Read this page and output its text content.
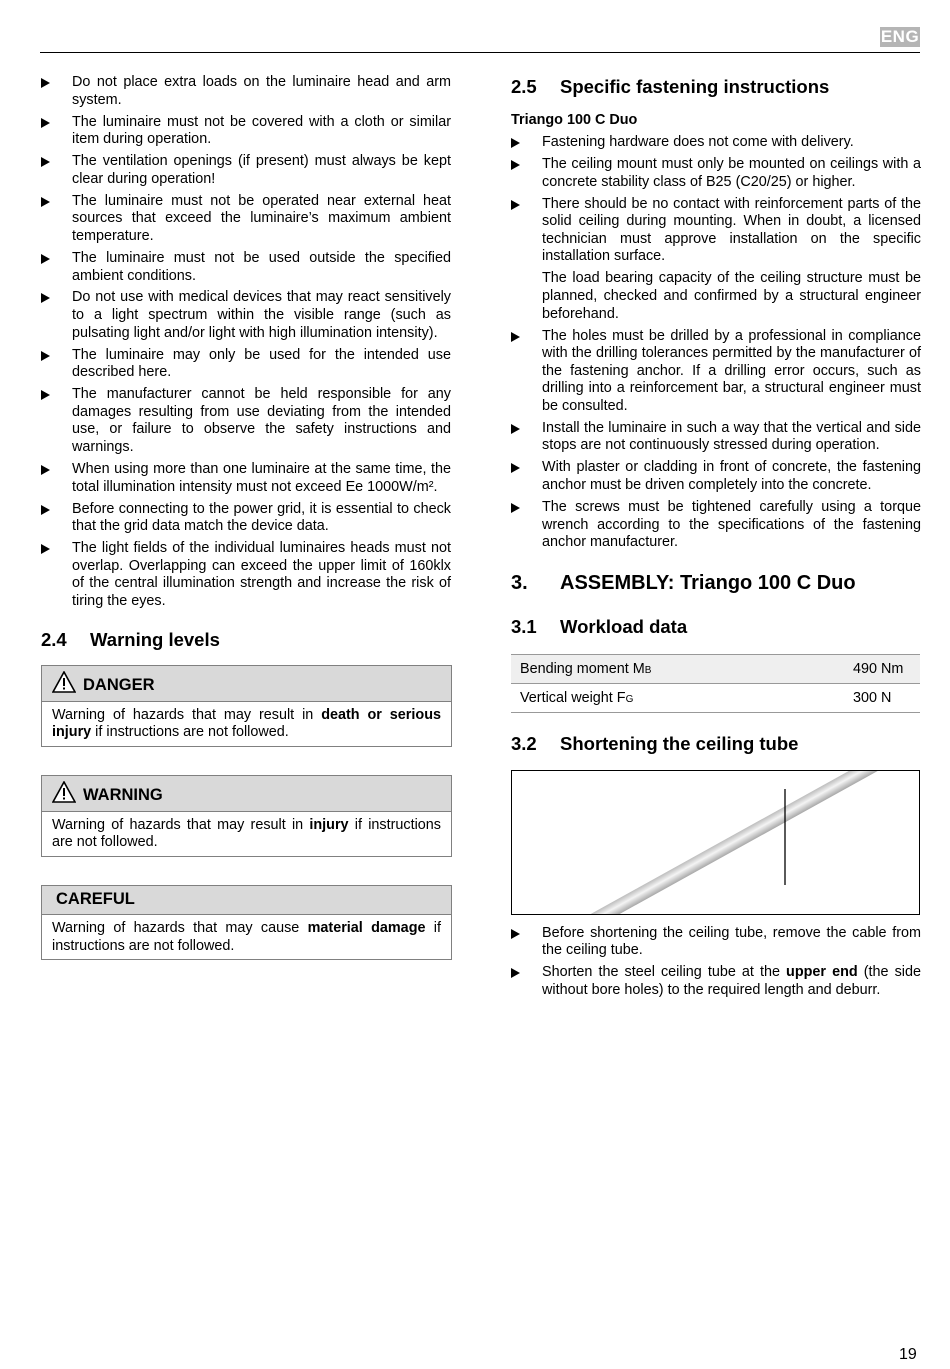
ENG
Do not place extra loads on the luminaire head and arm system.
The luminaire must not be covered with a cloth or similar item during operation.
The ventilation openings (if present) must always be kept clear during operation!
The luminaire must not be operated near external heat sources that exceed the luminaire’s maximum ambient temperature.
The luminaire must not be used outside the specified ambient conditions.
Do not use with medical devices that may react sensitively to a light spectrum within the visible range (such as pulsating light and/or light with high illumination intensity).
The luminaire may only be used for the intended use described here.
The manufacturer cannot be held responsible for any damages resulting from use deviating from the intended use, or failure to observe the safety instructions and warnings.
When using more than one luminaire at the same time, the total illumination intensity must not exceed Ee 1000W/m².
Before connecting to the power grid, it is essential to check that the grid data match the device data.
The light fields of the individual luminaires heads must not overlap. Overlapping can exceed the upper limit of 160klx of the central illumination strength and increase the risk of tiring the eyes.
2.4 Warning levels
DANGER
Warning of hazards that may result in death or serious injury if instructions are not followed.
WARNING
Warning of hazards that may result in injury if instructions are not followed.
CAREFUL
Warning of hazards that may cause material damage if instructions are not followed.
2.5 Specific fastening instructions
Triango 100 C Duo
Fastening hardware does not come with delivery.
The ceiling mount must only be mounted on ceilings with a concrete stability class of B25 (C20/25) or higher.
There should be no contact with reinforcement parts of the solid ceiling during mounting. When in doubt, a licensed technician must approve installation on the specific installation surface.
The load bearing capacity of the ceiling structure must be planned, checked and confirmed by a structural engineer beforehand.
The holes must be drilled by a professional in compliance with the drilling tolerances permitted by the manufacturer of the fastening anchor. If a drilling error occurs, such as drilling into a reinforcement bar, a structural engineer must be consulted.
Install the luminaire in such a way that the vertical and side stops are not continuously stressed during operation.
With plaster or cladding in front of concrete, the fastening anchor must be driven completely into the concrete.
The screws must be tightened carefully using a torque wrench according to the specifications of the fastening anchor manufacturer.
3. ASSEMBLY: Triango 100 C Duo
3.1 Workload data
Bending moment MB	490 Nm
Vertical weight FG	300 N
3.2 Shortening the ceiling tube
Before shortening the ceiling tube, remove the cable from the ceiling tube.
Shorten the steel ceiling tube at the upper end (the side without bore holes) to the required length and deburr.
19
